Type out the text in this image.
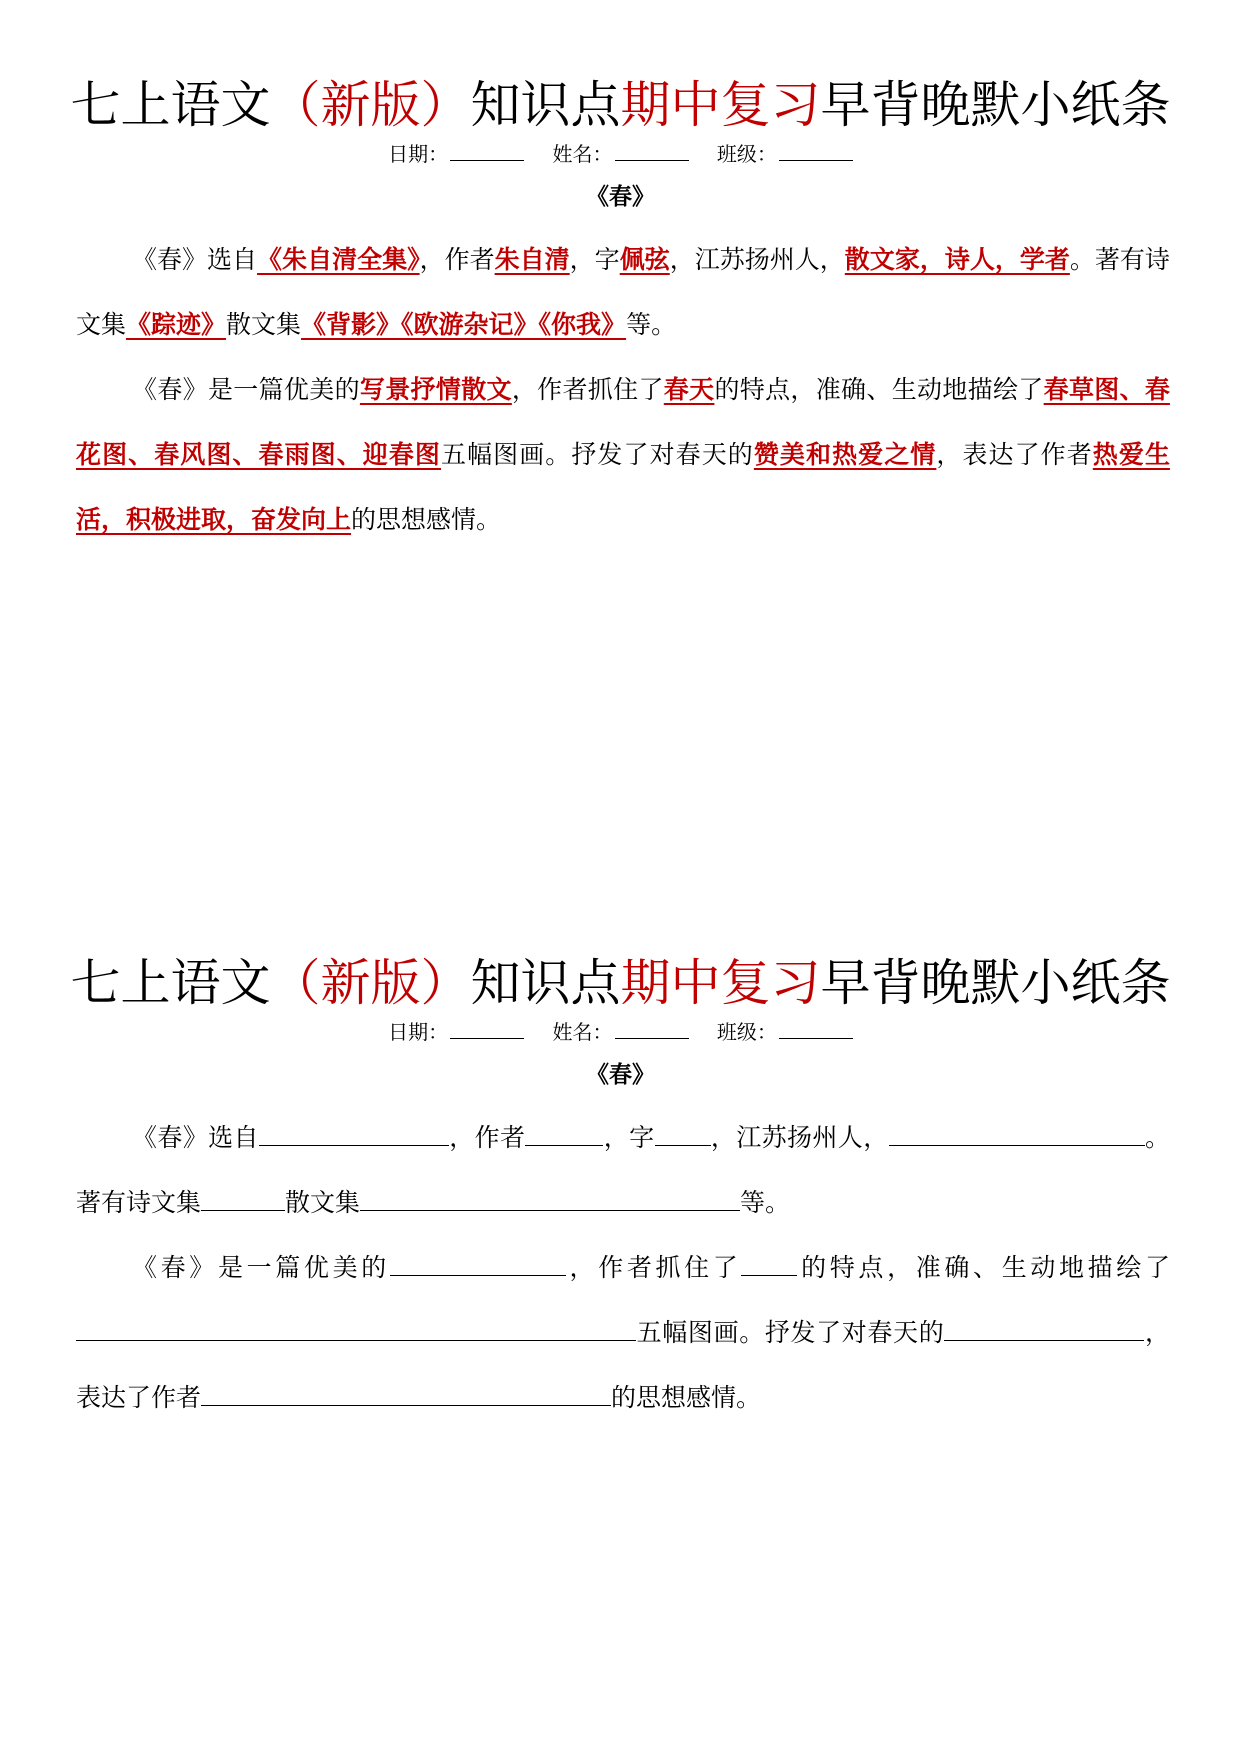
七上语文（新版）知识点期中复习早背晚默小纸条
日期：	姓名：	班级：
《春》

《春》选自《朱自清全集》，作者朱自清，字佩弦，江苏扬州人，散文家，诗人，学者。著有诗文集《踪迹》散文集《背影》《欧游杂记》《你我》等。

《春》是一篇优美的写景抒情散文，作者抓住了春天的特点，准确、生动地描绘了春草图、春花图、春风图、春雨图、迎春图五幅图画。抒发了对春天的赞美和热爱之情，表达了作者热爱生活，积极进取，奋发向上的思想感情。

七上语文（新版）知识点期中复习早背晚默小纸条
日期：	姓名：	班级：
《春》

《春》选自	，作者	，字 ，江苏扬州人，	。著有诗文集	散文集	等。

《春》是一篇优美的	，作者抓住了 的特点，准确、生动地描绘了五幅图画。抒发了对春天的	，表达了作者	的思想感情。
